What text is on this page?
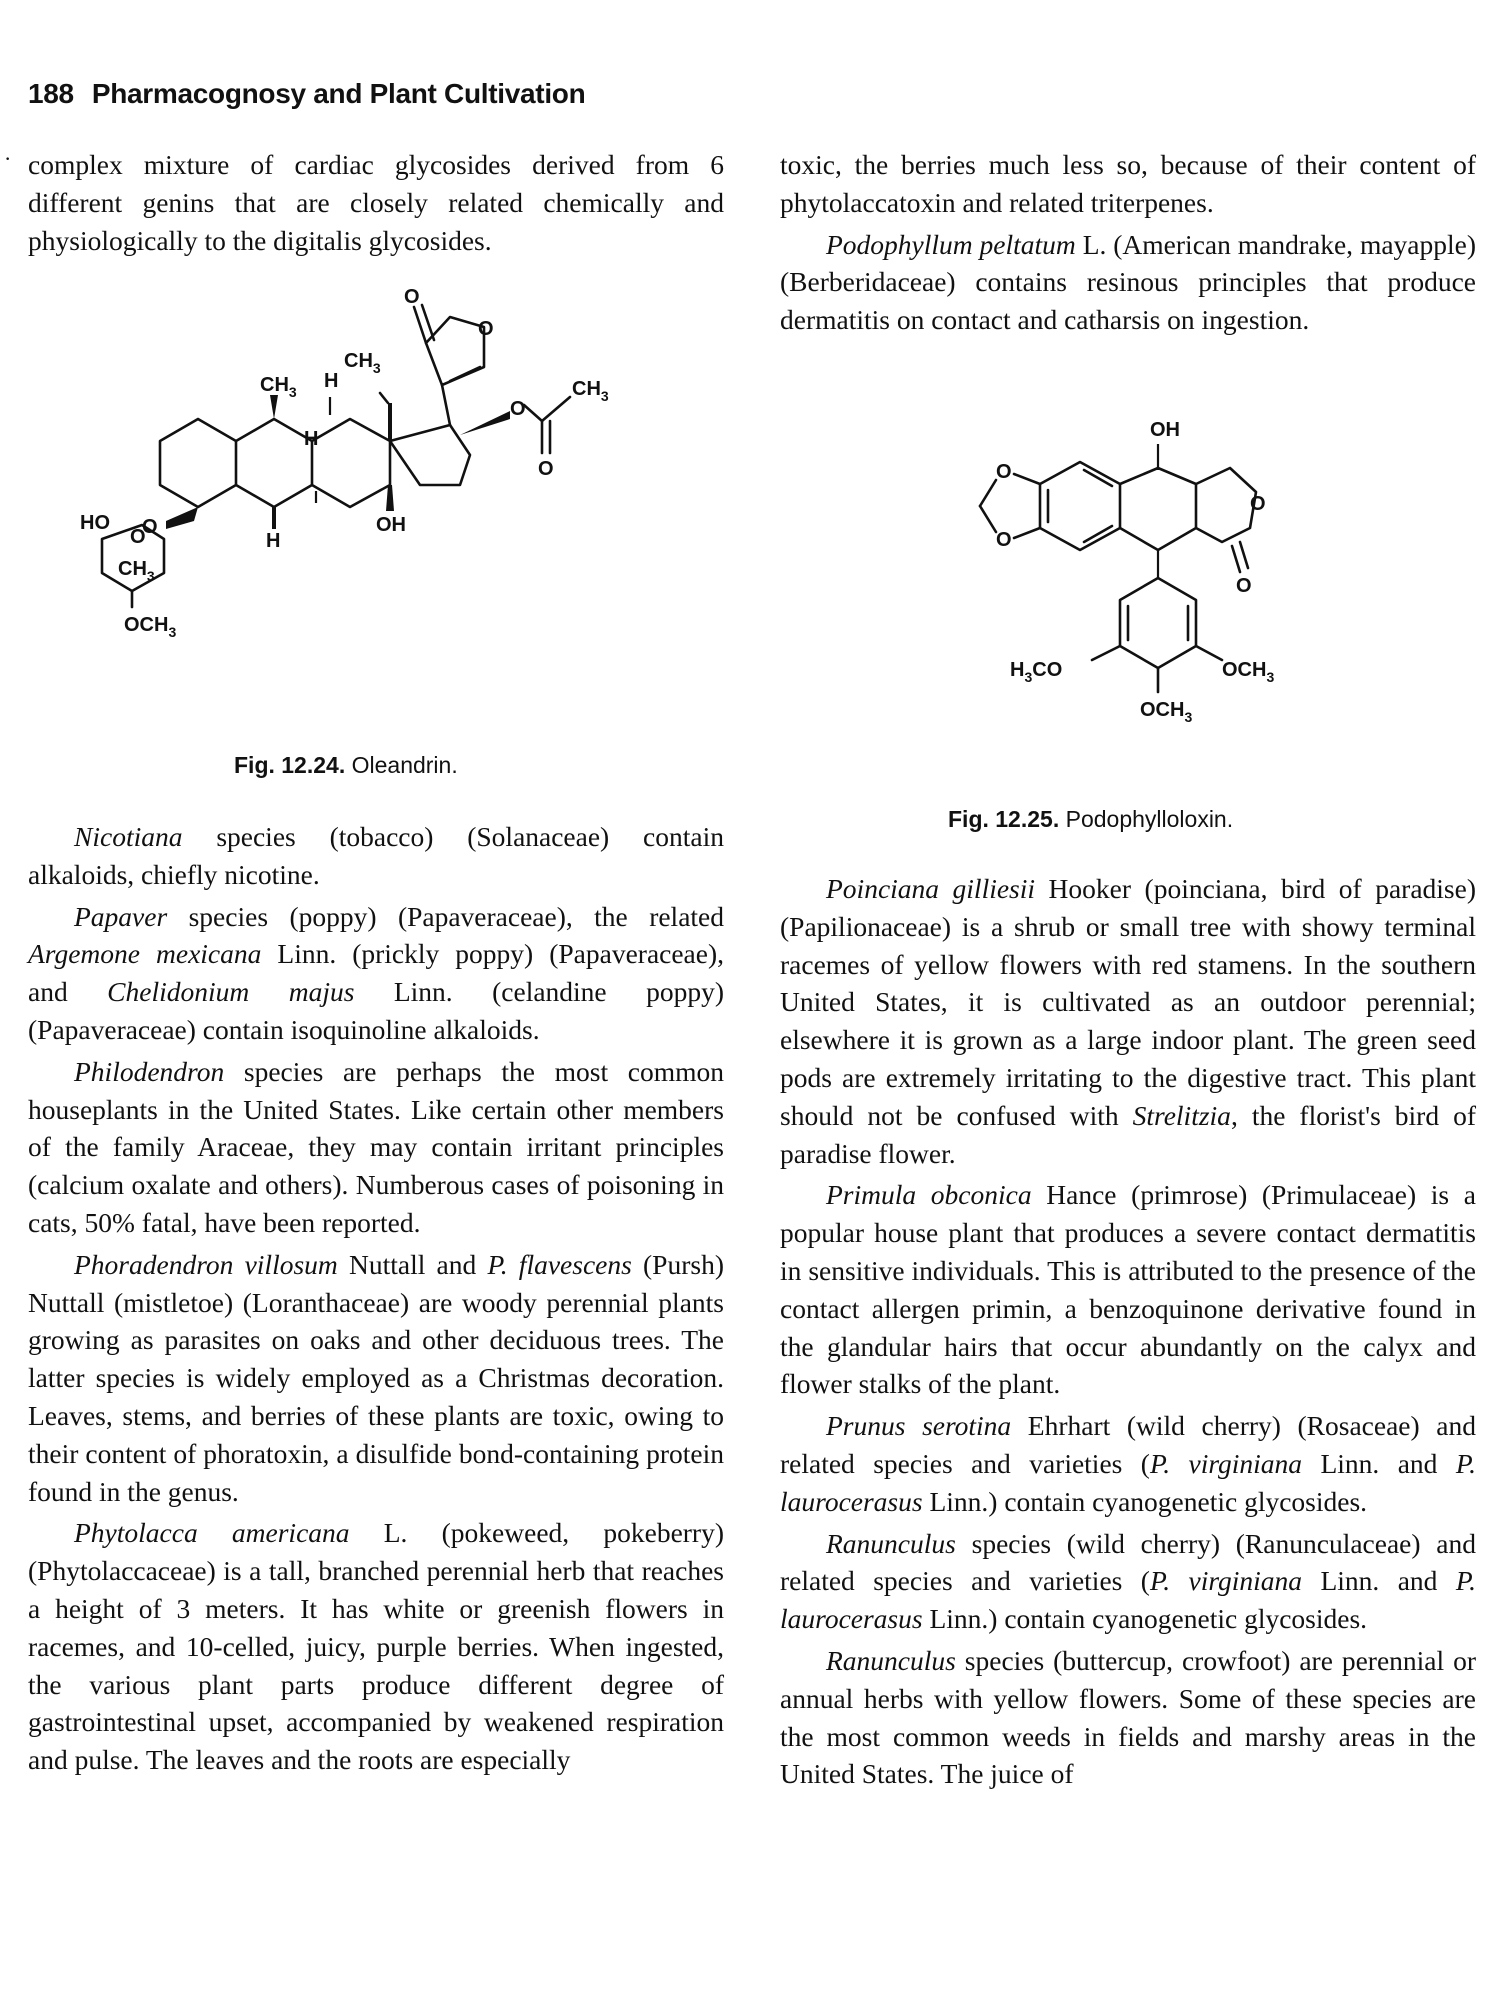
188 Pharmacognosy and Plant Cultivation
· complex mixture of cardiac glycosides derived from 6 different genins that are closely related chemically and physiologically to the digitalis glycosides.

O
O
$CH_3$
$CH_3$ H
H
H
OH
O
O
$CH_3$
O
O
HO
$CH_3$
$OCH_3$
Fig. 12.24. Oleandrin.

Nicotiana species (tobacco) (Solanaceae) contain alkaloids, chiefly nicotine.

Papaver species (poppy) (Papaveraceae), the related Argemone mexicana Linn. (prickly poppy) (Papaveraceae), and Chelidonium majus Linn. (celandine poppy) (Papaveraceae) contain isoquinoline alkaloids.

Philodendron species are perhaps the most common houseplants in the United States. Like certain other members of the family Araceae, they may contain irritant principles (calcium oxalate and others). Numberous cases of poisoning in cats, 50% fatal, have been reported.

Phoradendron villosum Nuttall and P. flavescens (Pursh) Nuttall (mistletoe) (Loranthaceae) are woody perennial plants growing as parasites on oaks and other deciduous trees. The latter species is widely employed as a Christmas decoration. Leaves, stems, and berries of these plants are toxic, owing to their content of phoratoxin, a disulfide bond-containing protein found in the genus.

Phytolacca americana L. (pokeweed, pokeberry) (Phytolaccaceae) is a tall, branched perennial herb that reaches a height of 3 meters. It has white or greenish flowers in racemes, and 10-celled, juicy, purple berries. When ingested, the various plant parts produce different degree of gastrointestinal upset, accompanied by weakened respiration and pulse. The leaves and the roots are especially

toxic, the berries much less so, because of their content of phytolaccatoxin and related triterpenes.

Podophyllum peltatum L. (American mandrake, mayapple) (Berberidaceae) contains resinous principles that produce dermatitis on contact and catharsis on ingestion.

OH
O
O
O
O
$H_3CO$	$OCH_3$
$OCH_3$
Fig. 12.25. Podophylloloxin.

Poinciana gilliesii Hooker (poinciana, bird of paradise) (Papilionaceae) is a shrub or small tree with showy terminal racemes of yellow flowers with red stamens. In the southern United States, it is cultivated as an outdoor perennial; elsewhere it is grown as a large indoor plant. The green seed pods are extremely irritating to the digestive tract. This plant should not be confused with Strelitzia, the florist's bird of paradise flower.

Primula obconica Hance (primrose) (Primulaceae) is a popular house plant that produces a severe contact dermatitis in sensitive individuals. This is attributed to the presence of the contact allergen primin, a benzoquinone derivative found in the glandular hairs that occur abundantly on the calyx and flower stalks of the plant.

Prunus serotina Ehrhart (wild cherry) (Rosaceae) and related species and varieties (P. virginiana Linn. and P. laurocerasus Linn.) contain cyanogenetic glycosides.

Ranunculus species (wild cherry) (Ranunculaceae) and related species and varieties (P. virginiana Linn. and P. laurocerasus Linn.) contain cyanogenetic glycosides.

Ranunculus species (buttercup, crowfoot) are perennial or annual herbs with yellow flowers. Some of these species are the most common weeds in fields and marshy areas in the United States. The juice of
